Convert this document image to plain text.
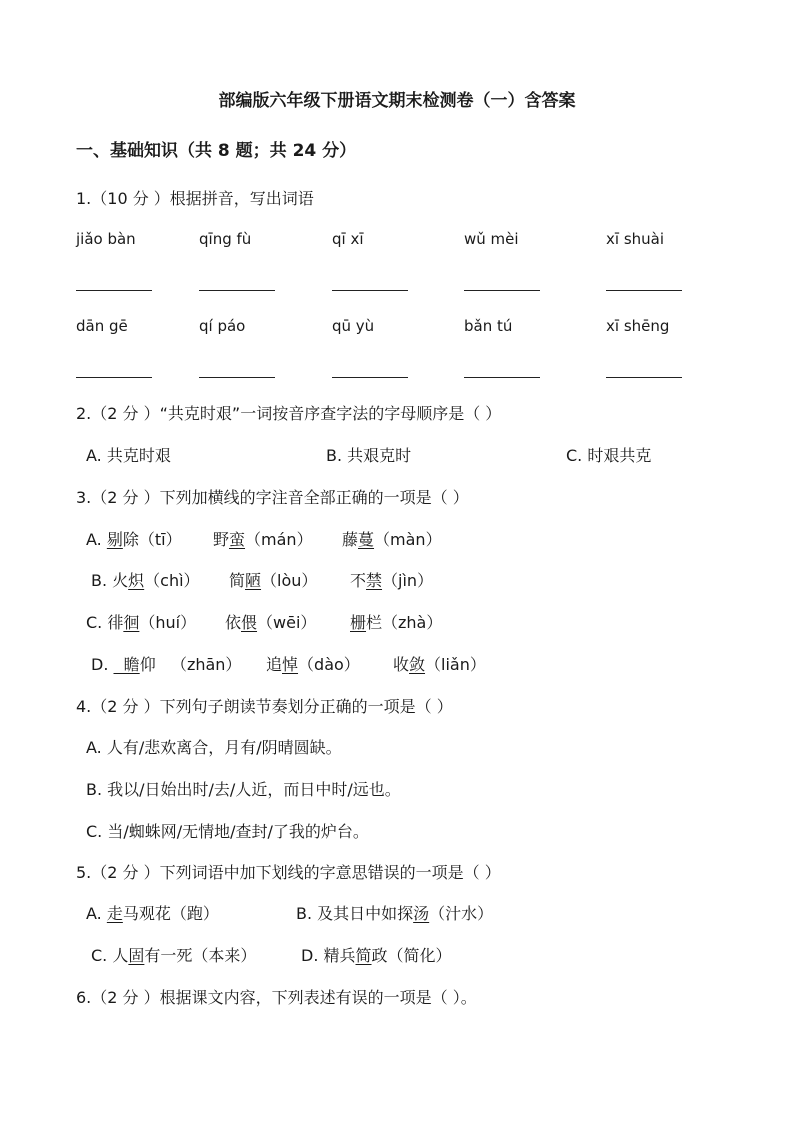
部编版六年级下册语文期末检测卷（一）含答案
一、基础知识（共 8 题；共 24 分）
1.（10 分 ）根据拼音，写出词语
jiǎo bàn	qīng fù	qī xī	wǔ mèi	xī shuài
dān gē	qí páo	qū yù	bǎn tú	xī shēng
2.（2 分 ）“共克时艰”一词按音序查字法的字母顺序是（ ）
A. 共克时艰	B. 共艰克时	C. 时艰共克
3.（2 分 ）下列加横线的字注音全部正确的一项是（ ）
A. 剔除（tī） 野蛮（mán） 藤蔓（màn）
B. 火炽（chì） 简陋（lòu） 不禁（jìn）
C. 徘徊（huí） 依偎（wēi） 栅栏（zhà）
D.   瞻仰   （zhān） 追悼（dào） 收敛（liǎn）
4.（2 分 ）下列句子朗读节奏划分正确的一项是（ ）
A. 人有/悲欢离合，月有/阴晴圆缺。
B. 我以/日始出时/去/人近，而日中时/远也。
C. 当/蜘蛛网/无情地/查封/了我的炉台。
5.（2 分 ）下列词语中加下划线的字意思错误的一项是（ ）
A. 走马观花（跑）	B. 及其日中如探汤（汁水）
C. 人固有一死（本来）	D. 精兵简政（简化）
6.（2 分 ）根据课文内容，下列表述有误的一项是（ ）。
